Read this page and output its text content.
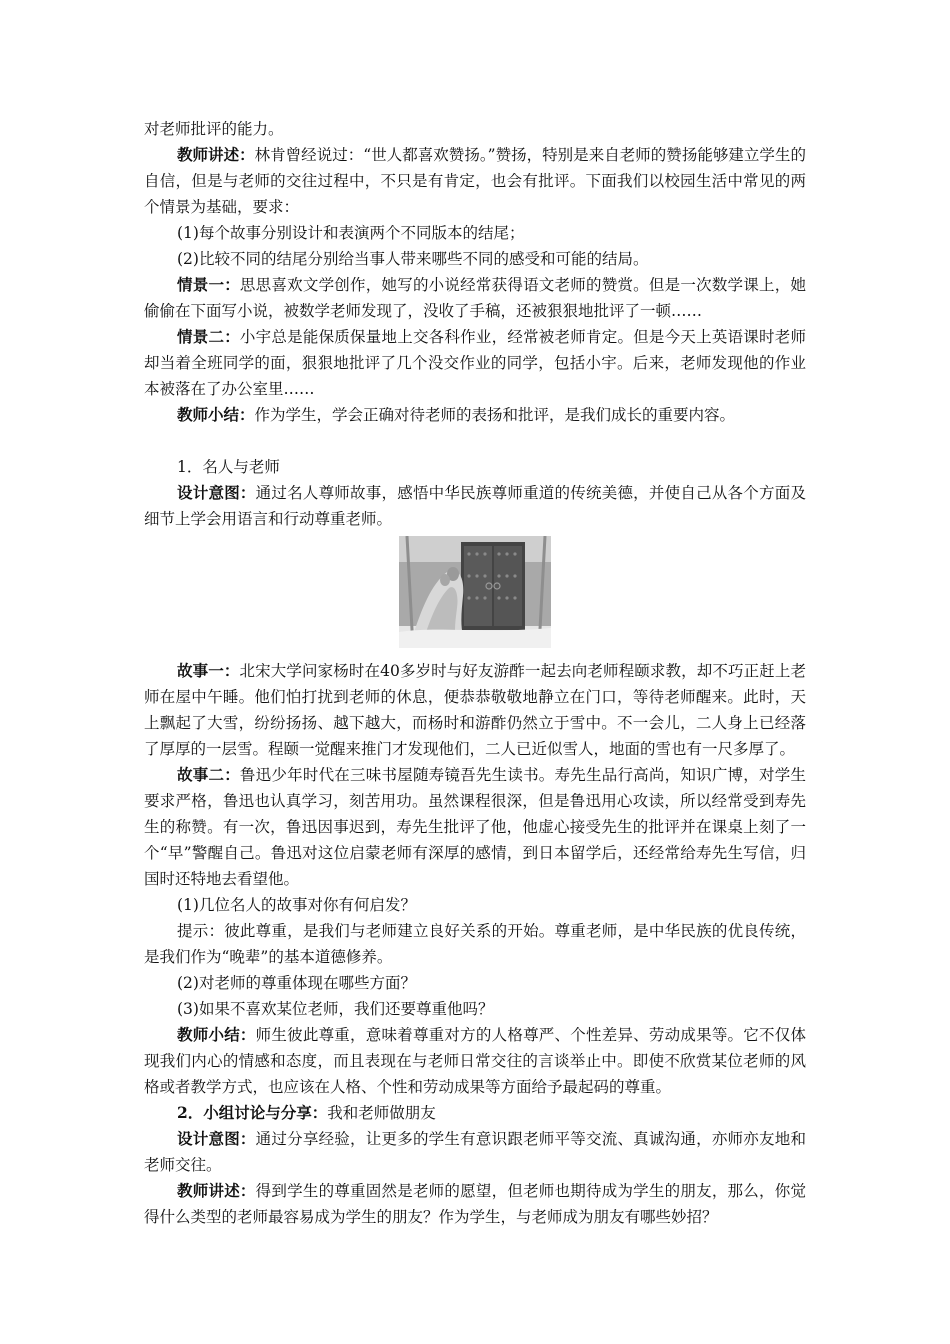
对老师批评的能力。

教师讲述：林肯曾经说过：“世人都喜欢赞扬。”赞扬，特别是来自老师的赞扬能够建立学生的自信，但是与老师的交往过程中，不只是有肯定，也会有批评。下面我们以校园生活中常见的两个情景为基础，要求：

(1)每个故事分别设计和表演两个不同版本的结尾；

(2)比较不同的结尾分别给当事人带来哪些不同的感受和可能的结局。

情景一：思思喜欢文学创作，她写的小说经常获得语文老师的赞赏。但是一次数学课上，她偷偷在下面写小说，被数学老师发现了，没收了手稿，还被狠狠地批评了一顿……

情景二：小宇总是能保质保量地上交各科作业，经常被老师肯定。但是今天上英语课时老师却当着全班同学的面，狠狠地批评了几个没交作业的同学，包括小宇。后来，老师发现他的作业本被落在了办公室里……

教师小结：作为学生，学会正确对待老师的表扬和批评，是我们成长的重要内容。

1．名人与老师

设计意图：通过名人尊师故事，感悟中华民族尊师重道的传统美德，并使自己从各个方面及细节上学会用语言和行动尊重老师。

故事一：北宋大学问家杨时在40多岁时与好友游酢一起去向老师程颐求教，却不巧正赶上老师在屋中午睡。他们怕打扰到老师的休息，便恭恭敬敬地静立在门口，等待老师醒来。此时，天上飘起了大雪，纷纷扬扬、越下越大，而杨时和游酢仍然立于雪中。不一会儿，二人身上已经落了厚厚的一层雪。程颐一觉醒来推门才发现他们，二人已近似雪人，地面的雪也有一尺多厚了。

故事二：鲁迅少年时代在三味书屋随寿镜吾先生读书。寿先生品行高尚，知识广博，对学生要求严格，鲁迅也认真学习，刻苦用功。虽然课程很深，但是鲁迅用心攻读，所以经常受到寿先生的称赞。有一次，鲁迅因事迟到，寿先生批评了他，他虚心接受先生的批评并在课桌上刻了一个“早”警醒自己。鲁迅对这位启蒙老师有深厚的感情，到日本留学后，还经常给寿先生写信，归国时还特地去看望他。

(1)几位名人的故事对你有何启发？

提示：彼此尊重，是我们与老师建立良好关系的开始。尊重老师，是中华民族的优良传统，是我们作为“晚辈”的基本道德修养。

(2)对老师的尊重体现在哪些方面？

(3)如果不喜欢某位老师，我们还要尊重他吗？

教师小结：师生彼此尊重，意味着尊重对方的人格尊严、个性差异、劳动成果等。它不仅体现我们内心的情感和态度，而且表现在与老师日常交往的言谈举止中。即使不欣赏某位老师的风格或者教学方式，也应该在人格、个性和劳动成果等方面给予最起码的尊重。

2．小组讨论与分享：我和老师做朋友

设计意图：通过分享经验，让更多的学生有意识跟老师平等交流、真诚沟通，亦师亦友地和老师交往。

教师讲述：得到学生的尊重固然是老师的愿望，但老师也期待成为学生的朋友，那么，你觉得什么类型的老师最容易成为学生的朋友？作为学生，与老师成为朋友有哪些妙招？
